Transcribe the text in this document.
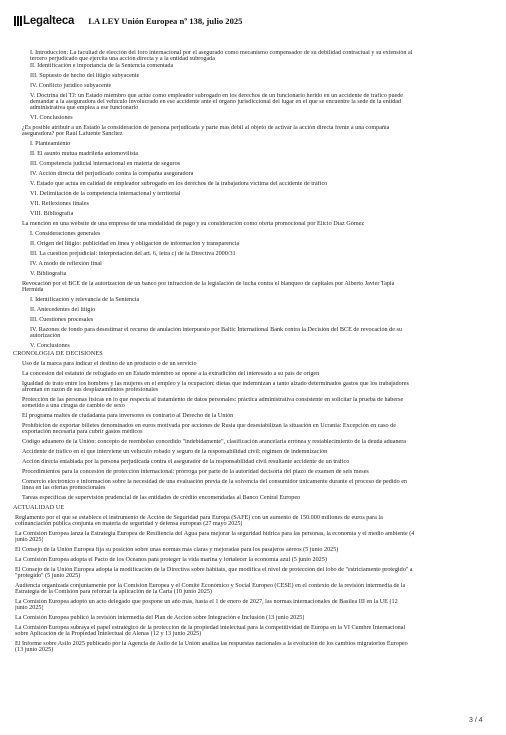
Legalteca LA LEY Unión Europea nº 138, julio 2025
I. Introducción: La facultad de elección del foro internacional por el asegurado como mecanismo compensador de su debilidad contractual y su extensión al
tercero perjudicado que ejercita una acción directa y a la entidad subrogada
II. Identificación e importancia de la Sentencia comentada
III. Supuesto de hecho del litigio subyacente
IV. Conflicto jurídico subyacente
V. Doctrina del TJ: un Estado miembro que actúe como empleador subrogado en los derechos de un funcionario herido en un accidente de tráfico puede
demandar a la aseguradora del vehículo involucrado en ese accidente ante el órgano jurisdiccional del lugar en el que se encuentre la sede de la entidad
administrativa que emplea a ese funcionario
VI. Conclusiones
¿Es posible atribuir a un Estado la consideración de persona perjudicada y parte más débil al objeto de activar la acción directa frente a una compañía
aseguradora? por Raúl Lafuente Sánchez
I. Planteamiento
II. El asunto mutua madrileña automovilista
III. Competencia judicial internacional en materia de seguros
IV. Acción directa del perjudicado contra la compañía aseguradora
V. Estado que actúa en calidad de empleador subrogado en los derechos de la trabajadora víctima del accidente de tráfico
VI. Delimitación de la competencia internacional y territorial
VII. Reflexiones finales
VIII. Bibliografía
La mención en una website de una empresa de una modalidad de pago y su consideración como oferta promocional por Elicio Díaz Gómez
I. Consideraciones generales
II. Origen del litigio: publicidad en línea y obligación de información y transparencia
III. La cuestión prejudicial: interpretación del art. 6, letra c) de la Directiva 2000/31
IV. A modo de reflexión final
V. Bibliografía
Revocación por el BCE de la autorización de un banco por infracción de la legislación de lucha contra el blanqueo de capitales por Alberto Javier Tapia
Hermida
I. Identificación y relevancia de la Sentencia
II. Antecedentes del litigio
III. Cuestiones procesales
IV. Razones de fondo para desestimar el recurso de anulación interpuesto por Baltic International Bank contra la Decisión del BCE de revocación de su
autorización
V. Conclusiones
CRONOLOGÍA DE DECISIONES
Uso de la marca para indicar el destino de un producto o de un servicio
La concesión del estatuto de refugiado en un Estado miembro se opone a la extradición del interesado a su país de origen
Igualdad de trato entre los hombres y las mujeres en el empleo y la ocupación: dietas que indemnizan a tanto alzado determinados gastos que los trabajadores
afrontan en razón de sus desplazamientos profesionales
Protección de las personas físicas en lo que respecta al tratamiento de datos personales: práctica administrativa consistente en solicitar la prueba de haberse
sometido a una cirugía de cambio de sexo
El programa maltés de ciudadanía para inversores es contrario al Derecho de la Unión
Prohibición de exportar billetes denominados en euros motivada por acciones de Rusia que desestabilizan la situación en Ucrania: Excepción en caso de
exportación necesaria para cubrir gastos médicos
Código aduanero de la Unión: concepto de reembolso concedido "indebidamente", clasificación arancelaria errónea y restablecimiento de la deuda aduanera
Accidente de tráfico en el que interviene un vehículo robado y seguro de la responsabilidad civil: régimen de indemnización
Acción directa entablada por la persona perjudicada contra el asegurador de la responsabilidad civil resultante accidente de un tráfico
Procedimientos para la concesión de protección internacional: prórroga por parte de la autoridad decisoria del plazo de examen de seis meses
Comercio electrónico e información sobre la necesidad de una evaluación previa de la solvencia del consumidor únicamente durante el proceso de pedido en
línea en las ofertas promocionales
Tareas específicas de supervisión prudencial de las entidades de crédito encomendadas al Banco Central Europeo
ACTUALIDAD UE
Reglamento por el que se establece el instrumento de Acción de Seguridad para Europa (SAFE) con un aumento de 150.000 millones de euros para la
cofinanciación pública conjunta en materia de seguridad y defensa europeas (27 mayo 2025)
La Comisión Europea lanza la Estrategia Europea de Resiliencia del Agua para mejorar la seguridad hídrica para las personas, la economía y el medio ambiente (4
junio 2025)
El Consejo de la Unión Europea fija su posición sobre unas normas más claras y mejoradas para los pasajeros aéreos (5 junio 2025)
La Comisión Europea adopta el Pacto de los Océanos para proteger la vida marina y fortalecer la economía azul (5 junio 2025)
El Consejo de la Unión Europea adopta la modificación de la Directiva sobre hábitats, que modifica el nivel de protección del lobo de "estrictamente protegido" a
"protegido" (5 junio 2025)
Audiencia organizada conjuntamente por la Comisión Europea y el Comité Económico y Social Europeo (CESE) en el contexto de la revisión intermedia de la
Estrategia de la Comisión para reforzar la aplicación de la Carta (10 junio 2025)
La Comisión Europea adoptó un acto delegado que pospone un año más, hasta el 1 de enero de 2027, las normas internacionales de Basilea III en la UE (12
junio 2025)
La Comisión Europea publicó la revisión intermedia del Plan de Acción sobre Integración e Inclusión (13 junio 2025)
La Comisión Europea subraya el papel estratégico de la protección de la propiedad intelectual para la competitividad de Europa en la VI Cumbre Internacional
sobre Aplicación de la Propiedad Intelectual de Alenas (12 y 13 junio 2025)
El Informe sobre Asilo 2025 publicado por la Agencia de Asilo de la Unión analiza las respuestas nacionales a la evolución de los cambios migratorios Europeo
(13 junio 2025)
3 / 4
